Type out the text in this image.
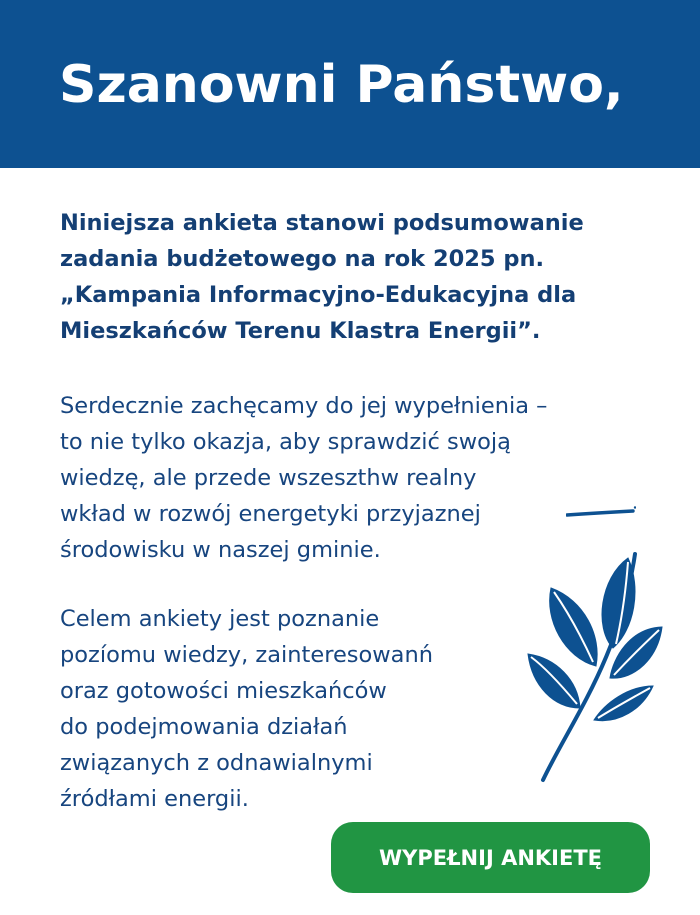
Szanowni Państwo,

Niniejsza ankieta stanowi podsumowanie
zadania budżetowego na rok 2025 pn.
„Kampania Informacyjno-Edukacyjna dla
Mieszkańców Terenu Klastra Energii”.

Serdecznie zachęcamy do jej wypełnienia –
to nie tylko okazja, aby sprawdzić swoją
wiedzę, ale przede wszeszthw realny
wkład w rozwój energetyki przyjaznej
środowisku w naszej gminie.

Celem ankiety jest poznanie
pozíomu wiedzy, zainteresowanń
oraz gotowości mieszkańców
do podejmowania działań
związanych z odnawialnymi
źródłami energii.

WYPEŁNIJ ANKIETĘ
